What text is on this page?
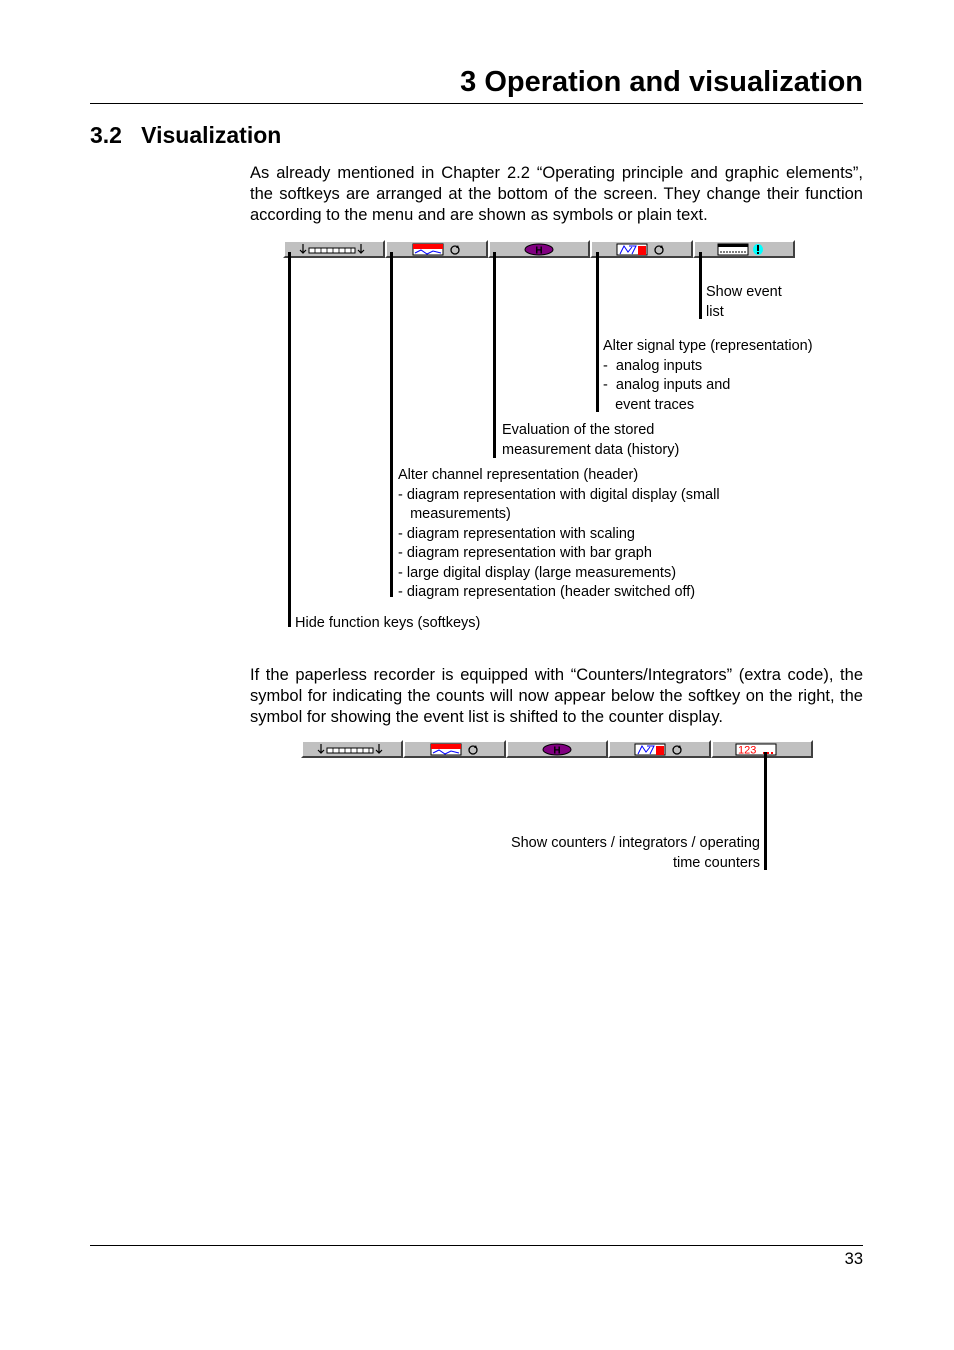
3 Operation and visualization
3.2 Visualization
As already mentioned in Chapter 2.2 “Operating principle and graphic elements”, the softkeys are arranged at the bottom of the screen. They change their function according to the menu and are shown as symbols or plain text.
H
Show event
list
Alter signal type (representation)
-  analog inputs
-  analog inputs and
event traces
Evaluation of the stored
measurement data (history)
Alter channel representation (header)
- diagram representation with digital display (small
measurements)
- diagram representation with scaling
- diagram representation with bar graph
- large digital display (large measurements)
- diagram representation (header switched off)
Hide function keys (softkeys)
If the paperless recorder is equipped with “Counters/Integrators” (extra code), the symbol for indicating the counts will now appear below the softkey on the right, the symbol for showing the event list is shifted to the counter display.
H	123
Show counters / integrators / operating
time counters
33
